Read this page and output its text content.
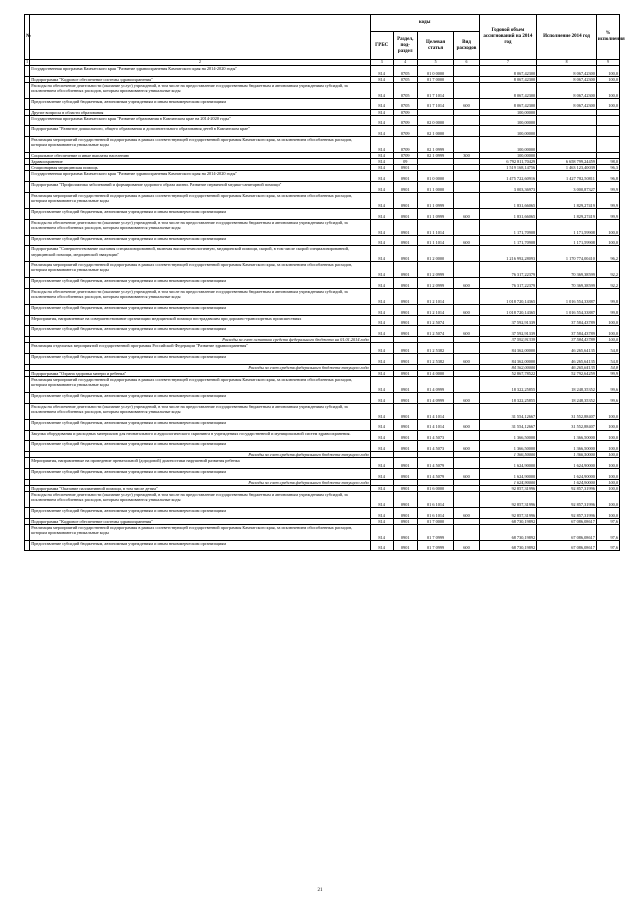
№		коды				Годовой объем ассигнований на 2014 год	Исполнение 2014 год	% исполнения
		ГРБС	Раздел, под-раздел	Целевая статья	Вид расходов			
1	2	3	4	5	6	7	8	9
	Государственная программа Камчатского края "Развитие здравоохранения Камчатского края на 2014-2020 годы"	814	0705	01 0 0000		8 067,42300	8 067,42300	100,0
	Подпрограмма "Кадровое обеспечение системы здравоохранения"	814	0705	01 7 0000		8 067,42300	8 067,42300	100,0
	Расходы на обеспечение деятельности (оказание услуг) учреждений, в том числе на предоставление государственным бюджетным и автономным учреждениям субсидий, за исключением обособленных расходов, которым присваиваются уникальные коды	814	0705	01 7 1014		8 067,42300	8 067,42300	100,0
	Предоставление субсидий бюджетным, автономным учреждениям и иным некоммерческим организациям	814	0705	01 7 1014	600	8 067,42300	8 067,42300	100,0
	Другие вопросы в области образования	814	0709			100,00000		
	Государственная программа Камчатского края "Развитие образования в Камчатском крае на 2014-2020 годы"	814	0709	02 0 0000		100,00000		
	Подпрограмма "Развитие дошкольного, общего образования и дополнительного образования детей в Камчатском крае"	814	0709	02 1 0000		100,00000		
	Реализация мероприятий государственной подпрограммы в рамках соответствующей государственной программы Камчатского края, за исключением обособленных расходов, которым присваиваются уникальные коды	814	0709	02 1 0999		100,00000		
	Социальное обеспечение и иные выплаты населению	814	0709	02 1 0999	300	100,00000		
	Здравоохранение	814	09			6 792 811,70429	6 658 799,24459	98,0
	Стационарная медицинская помощь	814	0901			1 519 168,14756	1 463 123,40039	96,3
	Государственная программа Камчатского края "Развитие здравоохранения Камчатского края на 2014-2020 годы"	814	0901	01 0 0000		1 475 722,60916	1 427 782,50811	96,8
	Подпрограмма "Профилактика заболеваний и формирование здорового образа жизни. Развитие первичной медико-санитарной помощи"	814	0901	01 1 0000		3 003,36973	3 000,87327	99,9
	Реализация мероприятий государственной подпрограммы в рамках соответствующей государственной программы Камчатского края, за исключением обособленных расходов, которым присваиваются уникальные коды	814	0901	01 1 0999		1 831,66065	1 829,27419	99,9
	Предоставление субсидий бюджетным, автономным учреждениям и иным некоммерческим организациям	814	0901	01 1 0999	600	1 831,66065	1 829,27419	99,9
	Расходы на обеспечение деятельности (оказание услуг) учреждений, в том числе на предоставление государственным бюджетным и автономным учреждениям субсидий, за исключением обособленных расходов, которым присваиваются уникальные коды	814	0901	01 1 1014		1 171,70908	1 171,59908	100,0
	Предоставление субсидий бюджетным, автономным учреждениям и иным некоммерческим организациям	814	0901	01 1 1014	600	1 171,70908	1 171,59908	100,0
	Подпрограмма "Совершенствование оказания специализированной, включая высокотехнологичную, медицинской помощи, скорой, в том числе скорой специализированной, медицинской помощи, медицинской эвакуации"	814	0901	01 2 0000		1 216 992,28093	1 170 774,00410	96,2
	Реализация мероприятий государственной подпрограммы в рамках соответствующей государственной программы Камчатского края, за исключением обособленных расходов, которым присваиваются уникальные коды	814	0901	01 2 0999		76 317,22379	70 369,38599	92,2
	Предоставление субсидий бюджетным, автономным учреждениям и иным некоммерческим организациям	814	0901	01 2 0999	600	76 317,22379	70 369,38599	92,2
	Расходы на обеспечение деятельности (оказание услуг) учреждений, в том числе на предоставление государственным бюджетным и автономным учреждениям субсидий, за исключением обособленных расходов, которым присваиваются уникальные коды	814	0901	01 2 1014		1 018 720,14365	1 016 554,33887	99,8
	Предоставление субсидий бюджетным, автономным учреждениям и иным некоммерческим организациям	814	0901	01 2 1014	600	1 018 720,14365	1 016 554,33887	99,8
	Мероприятия, направленные на совершенствование организации медицинской помощи пострадавшим при дорожно-транспортных происшествиях	814	0901	01 2 5074		37 592,91339	37 584,43789	100,0
	Предоставление субсидий бюджетным, автономным учреждениям и иным некоммерческим организациям	814	0901	01 2 5074	600	37 592,91339	37 584,43789	100,0
	Расходы за счет остатков средств федерального бюджета на 01.01.2014 года					37 592,91339	37 584,43789	100,0
	Реализация отдельных мероприятий государственной программы Российской Федерации "Развитие здравоохранения"	814	0901	01 2 5382		84 362,00000	46 265,64135	54,8
	Предоставление субсидий бюджетным, автономным учреждениям и иным некоммерческим организациям	814	0901	01 2 5382	600	84 362,00000	46 265,64135	54,8
	Расходы за счет средств федерального бюджета текущего года					84 362,00000	46 265,64135	54,8
	Подпрограмма "Охрана здоровья матери и ребенка"	814	0901	01 4 0000		52 867,78522	52 792,64259	99,9
	Реализация мероприятий государственной подпрограммы в рамках соответствующей государственной программы Камчатского края, за исключением обособленных расходов, которым присваиваются уникальные коды	814	0901	01 4 0999		18 322,25855	18 248,35352	99,6
	Предоставление субсидий бюджетным, автономным учреждениям и иным некоммерческим организациям	814	0901	01 4 0999	600	18 322,25855	18 248,35352	99,6
	Расходы на обеспечение деятельности (оказание услуг) учреждений, в том числе на предоставление государственным бюджетным и автономным учреждениям субсидий, за исключением обособленных расходов, которым присваиваются уникальные коды	814	0901	01 4 1014		31 554,12667	31 552,88407	100,0
	Предоставление субсидий бюджетным, автономным учреждениям и иным некоммерческим организациям	814	0901	01 4 1014	600	31 554,12667	31 552,88407	100,0
	Закупка оборудования и расходных материалов для неонатального и аудиологического скрининга в учреждениях государственной и муниципальной систем здравоохранения.	814	0901	01 4 5073		1 366,50000	1 366,50000	100,0
	Предоставление субсидий бюджетным, автономным учреждениям и иным некоммерческим организациям	814	0901	01 4 5073	600	1 366,50000	1 366,50000	100,0
	Расходы за счет средств федерального бюджета текущего года					1 366,50000	1 366,50000	100,0
	Мероприятия, направленные на проведение пренатальной (дородовой) диагностики нарушений развития ребенка	814	0901	01 4 5079		1 624,90000	1 624,90000	100,0
	Предоставление субсидий бюджетным, автономным учреждениям и иным некоммерческим организациям	814	0901	01 4 5079	600	1 624,90000	1 624,90000	100,0
	Расходы за счет средств федерального бюджета текущего года					1 624,90000	1 624,90000	100,0
	Подпрограмма "Оказание паллиативной помощи, в том числе детям"	814	0901	01 6 0000		92 857,31996	92 857,31996	100,0
	Расходы на обеспечение деятельности (оказание услуг) учреждений, в том числе на предоставление государственным бюджетным и автономным учреждениям субсидий, за исключением обособленных расходов, которым присваиваются уникальные коды	814	0901	01 6 1014		92 857,31996	92 857,31996	100,0
	Предоставление субсидий бюджетным, автономным учреждениям и иным некоммерческим организациям	814	0901	01 6 1014	600	92 857,31996	92 857,31996	100,0
	Подпрограмма "Кадровое обеспечение системы здравоохранения"	814	0901	01 7 0000		68 730,19892	67 086,08617	97,6
	Реализация мероприятий государственной подпрограммы в рамках соответствующей государственной программы Камчатского края, за исключением обособленных расходов, которым присваиваются уникальные коды	814	0901	01 7 0999		68 730,19892	67 086,08617	97,6
	Предоставление субсидий бюджетным, автономным учреждениям и иным некоммерческим организациям	814	0901	01 7 0999	600	68 730,19892	67 086,08617	97,6
21
